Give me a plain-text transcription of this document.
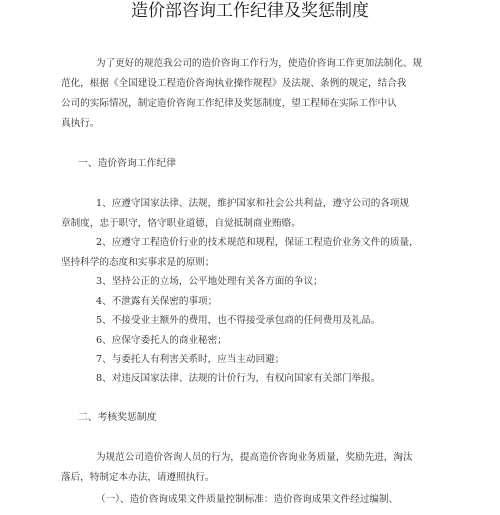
造价部咨询工作纪律及奖惩制度
为了更好的规范我公司的造价咨询工作行为，使造价咨询工作更加法制化、规
范化，根据《全国建设工程造价咨询执业操作规程》及法规、条例的规定，结合我
公司的实际情况，制定造价咨询工作纪律及奖惩制度，望工程师在实际工作中认
真执行。
一、造价咨询工作纪律
1、应遵守国家法律、法规，维护国家和社会公共利益，遵守公司的各项规
章制度，忠于职守，恪守职业道德，自觉抵制商业贿赂。
2、应遵守工程造价行业的技术规范和规程，保证工程造价业务文件的质量，
坚持科学的态度和实事求是的原则；
3、坚持公正的立场，公平地处理有关各方面的争议；
4、不泄露有关保密的事项；
5、不接受业主额外的费用，也不得接受承包商的任何费用及礼品。
6、应保守委托人的商业秘密；
7、与委托人有利害关系时，应当主动回避；
8、对违反国家法律、法规的计价行为，有权向国家有关部门举报。
二、考核奖惩制度
为规范公司造价咨询人员的行为，提高造价咨询业务质量，奖励先进，淘汰
落后，特制定本办法，请遵照执行。
（一）、造价咨询成果文件质量控制标准：造价咨询成果文件经过编制、
